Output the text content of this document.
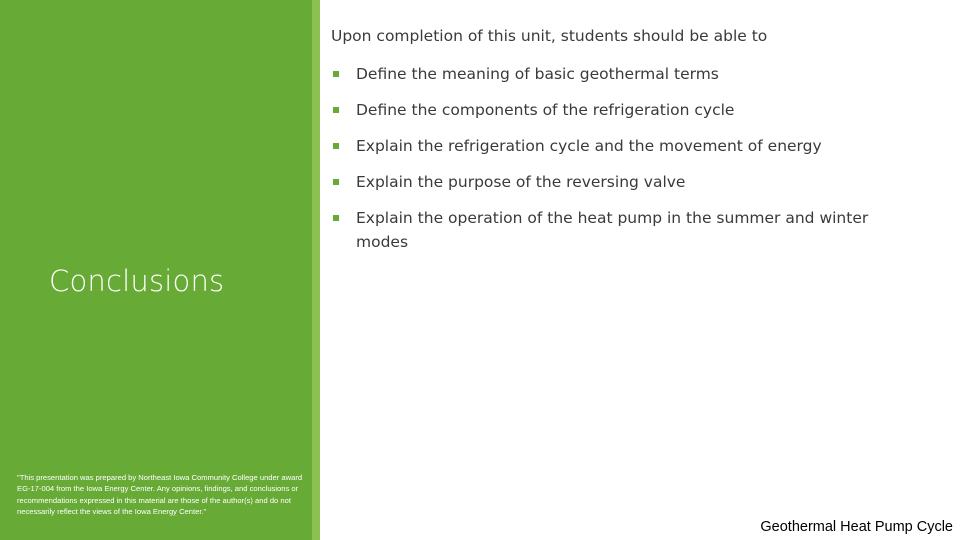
Conclusions

"This presentation was prepared by Northeast Iowa Community College under award EG-17-004 from the Iowa Energy Center. Any opinions, findings, and conclusions or recommendations expressed in this material are those of the author(s) and do not necessarily reflect the views of the Iowa Energy Center."

Upon completion of this unit, students should be able to

Define the meaning of basic geothermal terms
Define the components of the refrigeration cycle
Explain the refrigeration cycle and the movement of energy
Explain the purpose of the reversing valve
Explain the operation of the heat pump in the summer and winter modes

Geothermal Heat Pump Cycle
